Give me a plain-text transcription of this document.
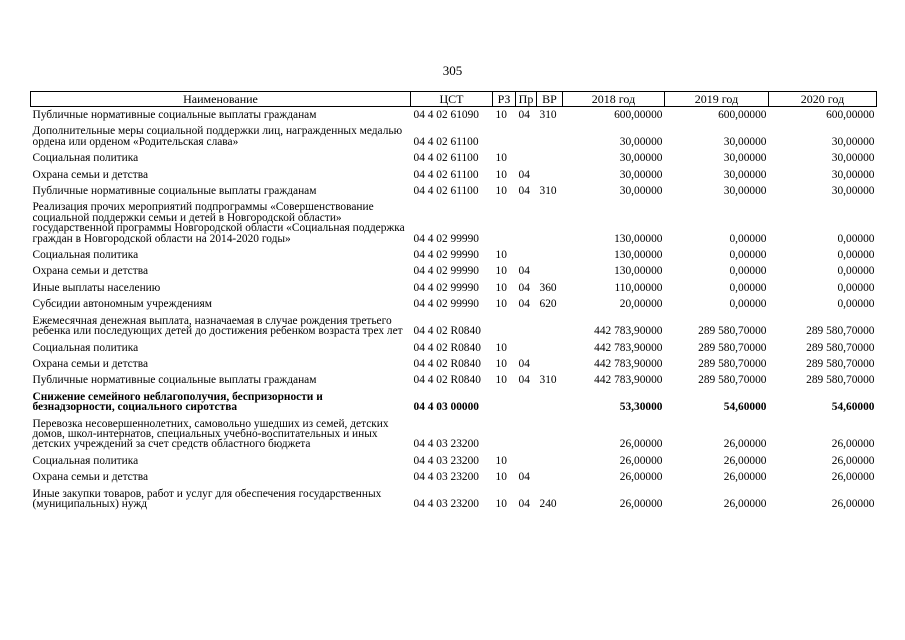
305
Наименование	ЦСТ	РЗ	Пр	ВР	2018 год	2019 год	2020 год
Публичные нормативные социальные выплаты гражданам	04 4 02 61090	10	04	310	600,00000	600,00000	600,00000
Дополнительные меры социальной поддержки лиц, награжденных медалью ордена или орденом «Родительская слава»	04 4 02 61100				30,00000	30,00000	30,00000
Социальная политика	04 4 02 61100	10			30,00000	30,00000	30,00000
Охрана семьи и детства	04 4 02 61100	10	04		30,00000	30,00000	30,00000
Публичные нормативные социальные выплаты гражданам	04 4 02 61100	10	04	310	30,00000	30,00000	30,00000
Реализация прочих мероприятий подпрограммы «Совершенствование социальной поддержки семьи и детей в Новгородской области» государственной программы Новгородской области «Социальная поддержка граждан в Новгородской области на 2014-2020 годы»	04 4 02 99990				130,00000	0,00000	0,00000
Социальная политика	04 4 02 99990	10			130,00000	0,00000	0,00000
Охрана семьи и детства	04 4 02 99990	10	04		130,00000	0,00000	0,00000
Иные выплаты населению	04 4 02 99990	10	04	360	110,00000	0,00000	0,00000
Субсидии автономным учреждениям	04 4 02 99990	10	04	620	20,00000	0,00000	0,00000
Ежемесячная денежная выплата, назначаемая в случае рождения третьего ребенка или последующих детей до достижения ребенком возраста трех лет	04 4 02 R0840				442 783,90000	289 580,70000	289 580,70000
Социальная политика	04 4 02 R0840	10			442 783,90000	289 580,70000	289 580,70000
Охрана семьи и детства	04 4 02 R0840	10	04		442 783,90000	289 580,70000	289 580,70000
Публичные нормативные социальные выплаты гражданам	04 4 02 R0840	10	04	310	442 783,90000	289 580,70000	289 580,70000
Снижение семейного неблагополучия, беспризорности и безнадзорности, социального сиротства	04 4 03 00000				53,30000	54,60000	54,60000
Перевозка несовершеннолетних, самовольно ушедших из семей, детских домов, школ-интернатов, специальных учебно-воспитательных и иных детских учреждений за счет средств областного бюджета	04 4 03 23200				26,00000	26,00000	26,00000
Социальная политика	04 4 03 23200	10			26,00000	26,00000	26,00000
Охрана семьи и детства	04 4 03 23200	10	04		26,00000	26,00000	26,00000
Иные закупки товаров, работ и услуг для обеспечения государственных (муниципальных) нужд	04 4 03 23200	10	04	240	26,00000	26,00000	26,00000
